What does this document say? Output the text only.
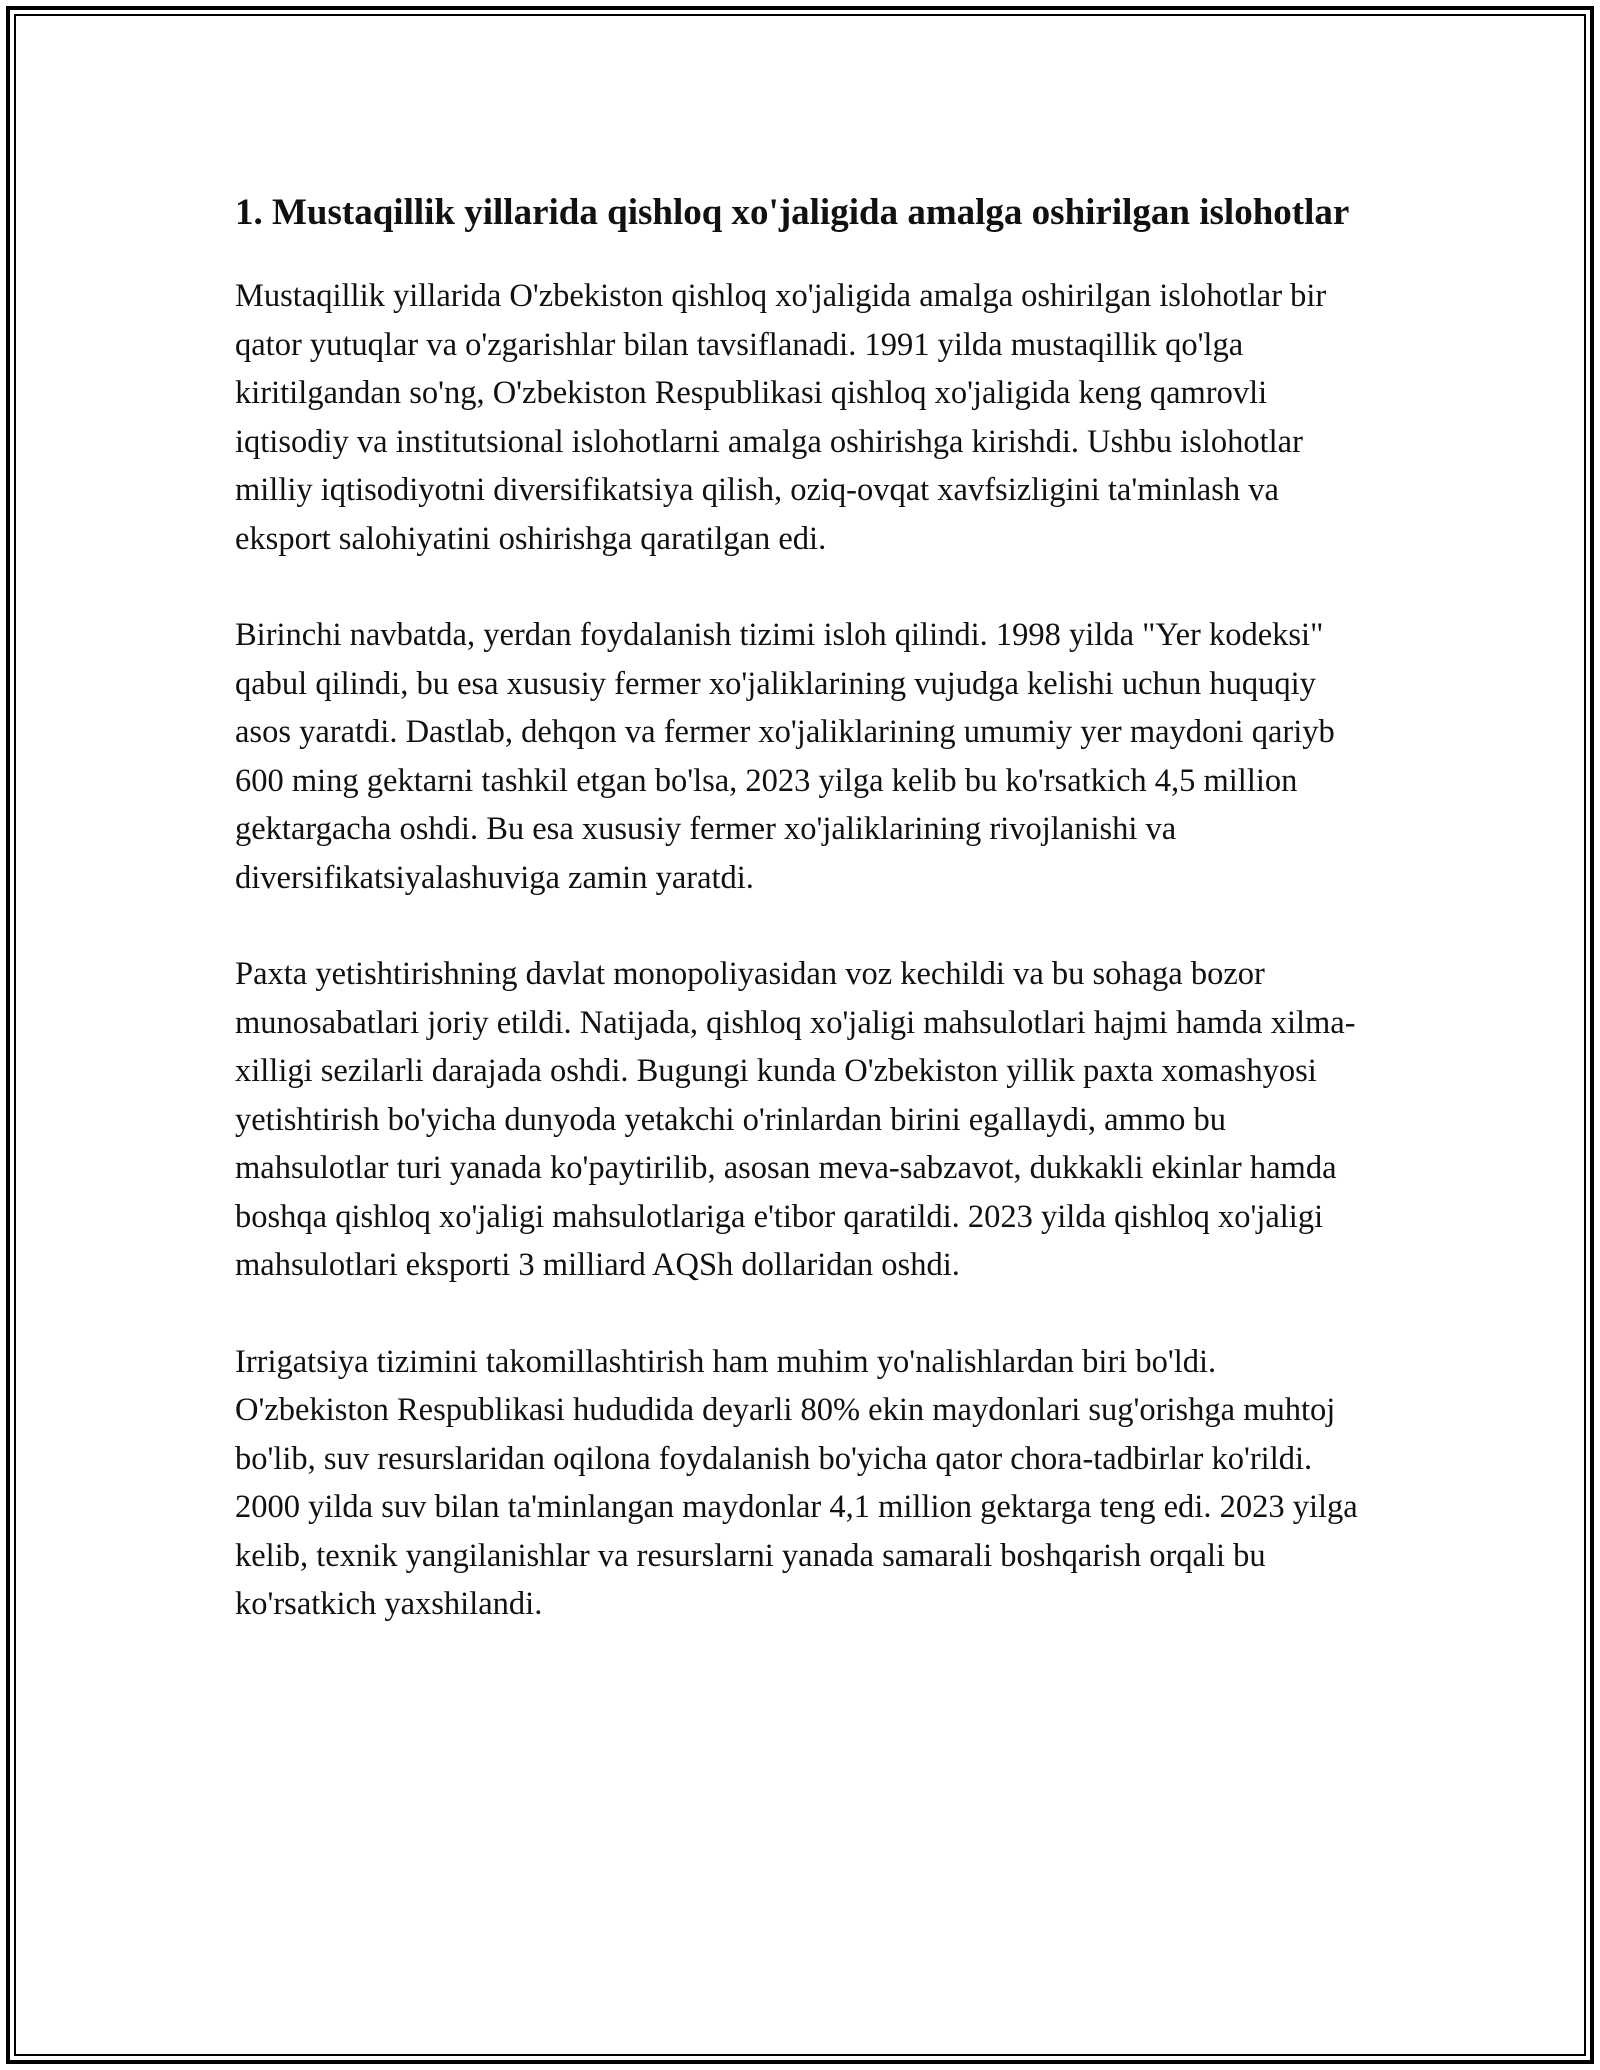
1. Mustaqillik yillarida qishloq xo'jaligida amalga oshirilgan islohotlar

Mustaqillik yillarida O'zbekiston qishloq xo'jaligida amalga oshirilgan islohotlar bir qator yutuqlar va o'zgarishlar bilan tavsiflanadi. 1991 yilda mustaqillik qo'lga kiritilgandan so'ng, O'zbekiston Respublikasi qishloq xo'jaligida keng qamrovli iqtisodiy va institutsional islohotlarni amalga oshirishga kirishdi. Ushbu islohotlar milliy iqtisodiyotni diversifikatsiya qilish, oziq-ovqat xavfsizligini ta'minlash va eksport salohiyatini oshirishga qaratilgan edi.

Birinchi navbatda, yerdan foydalanish tizimi isloh qilindi. 1998 yilda "Yer kodeksi" qabul qilindi, bu esa xususiy fermer xo'jaliklarining vujudga kelishi uchun huquqiy asos yaratdi. Dastlab, dehqon va fermer xo'jaliklarining umumiy yer maydoni qariyb 600 ming gektarni tashkil etgan bo'lsa, 2023 yilga kelib bu ko'rsatkich 4,5 million gektargacha oshdi. Bu esa xususiy fermer xo'jaliklarining rivojlanishi va diversifikatsiyalashuviga zamin yaratdi.

Paxta yetishtirishning davlat monopoliyasidan voz kechildi va bu sohaga bozor munosabatlari joriy etildi. Natijada, qishloq xo'jaligi mahsulotlari hajmi hamda xilma-xilligi sezilarli darajada oshdi. Bugungi kunda O'zbekiston yillik paxta xomashyosi yetishtirish bo'yicha dunyoda yetakchi o'rinlardan birini egallaydi, ammo bu mahsulotlar turi yanada ko'paytirilib, asosan meva-sabzavot, dukkakli ekinlar hamda boshqa qishloq xo'jaligi mahsulotlariga e'tibor qaratildi. 2023 yilda qishloq xo'jaligi mahsulotlari eksporti 3 milliard AQSh dollaridan oshdi.

Irrigatsiya tizimini takomillashtirish ham muhim yo'nalishlardan biri bo'ldi. O'zbekiston Respublikasi hududida deyarli 80% ekin maydonlari sug'orishga muhtoj bo'lib, suv resurslaridan oqilona foydalanish bo'yicha qator chora-tadbirlar ko'rildi. 2000 yilda suv bilan ta'minlangan maydonlar 4,1 million gektarga teng edi. 2023 yilga kelib, texnik yangilanishlar va resurslarni yanada samarali boshqarish orqali bu ko'rsatkich yaxshilandi.
